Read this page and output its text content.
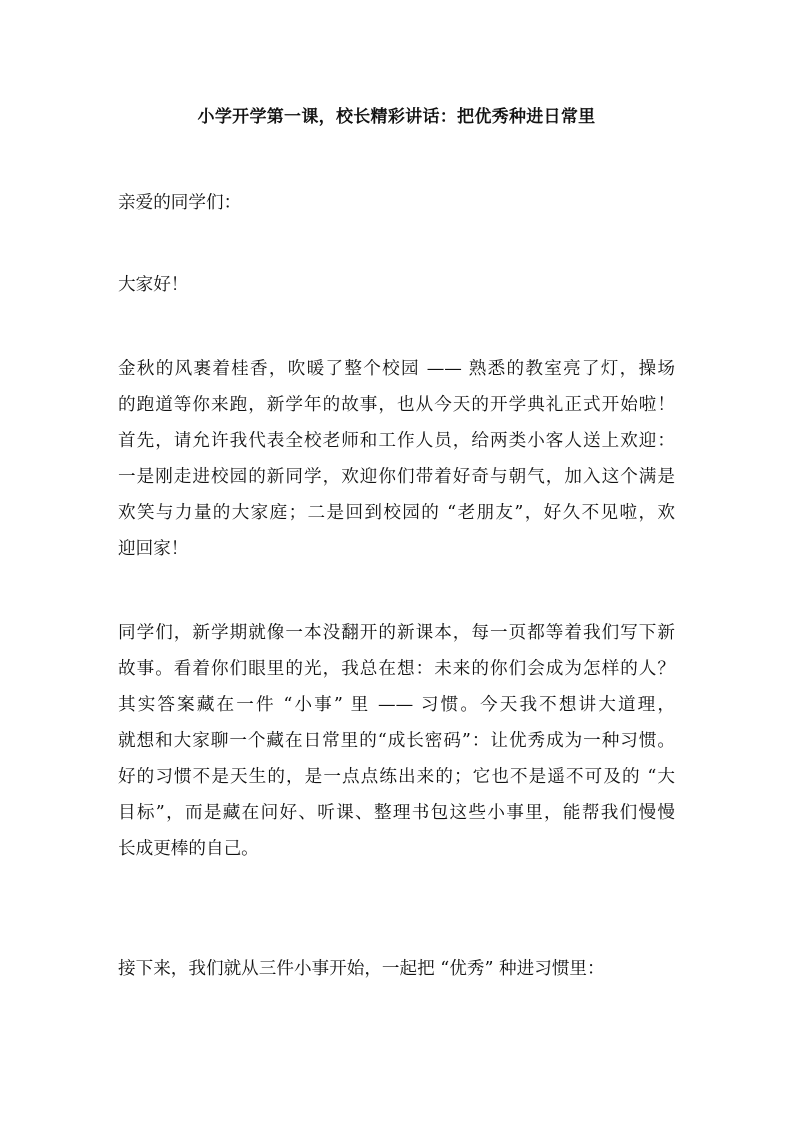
小学开学第一课，校长精彩讲话：把优秀种进日常里
亲爱的同学们：
大家好！
金秋的风裹着桂香，吹暖了整个校园 —— 熟悉的教室亮了灯，操场
的跑道等你来跑，新学年的故事，也从今天的开学典礼正式开始啦！
首先，请允许我代表全校老师和工作人员，给两类小客人送上欢迎：
一是刚走进校园的新同学，欢迎你们带着好奇与朝气，加入这个满是
欢笑与力量的大家庭；二是回到校园的 “老朋友”，好久不见啦，欢
迎回家！
同学们，新学期就像一本没翻开的新课本，每一页都等着我们写下新
故事。看着你们眼里的光，我总在想：未来的你们会成为怎样的人？
其实答案藏在一件 “小事” 里 —— 习惯。今天我不想讲大道理，
就想和大家聊一个藏在日常里的“成长密码”：让优秀成为一种习惯。
好的习惯不是天生的，是一点点练出来的；它也不是遥不可及的 “大
目标”，而是藏在问好、听课、整理书包这些小事里，能帮我们慢慢
长成更棒的自己。
接下来，我们就从三件小事开始，一起把 “优秀” 种进习惯里：
